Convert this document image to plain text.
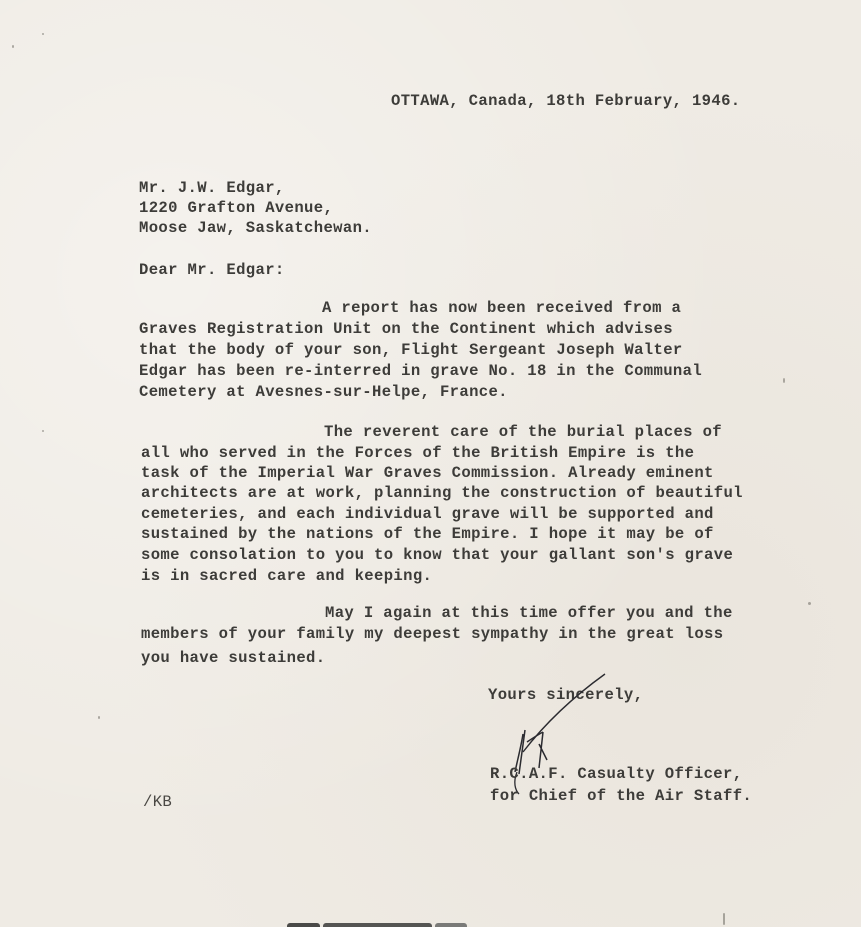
OTTAWA, Canada, 18th February, 1946.
Mr. J.W. Edgar,
1220 Grafton Avenue,
Moose Jaw, Saskatchewan.
Dear Mr. Edgar:
A report has now been received from a
Graves Registration Unit on the Continent which advises
that the body of your son, Flight Sergeant Joseph Walter
Edgar has been re-interred in grave No. 18 in the Communal
Cemetery at Avesnes-sur-Helpe, France.
The reverent care of the burial places of
all who served in the Forces of the British Empire is the
task of the Imperial War Graves Commission. Already eminent
architects are at work, planning the construction of beautiful
cemeteries, and each individual grave will be supported and
sustained by the nations of the Empire. I hope it may be of
some consolation to you to know that your gallant son's grave
is in sacred care and keeping.
May I again at this time offer you and the
members of your family my deepest sympathy in the great loss
you have sustained.
Yours sincerely,
R.C.A.F. Casualty Officer,
for Chief of the Air Staff.
/KB
